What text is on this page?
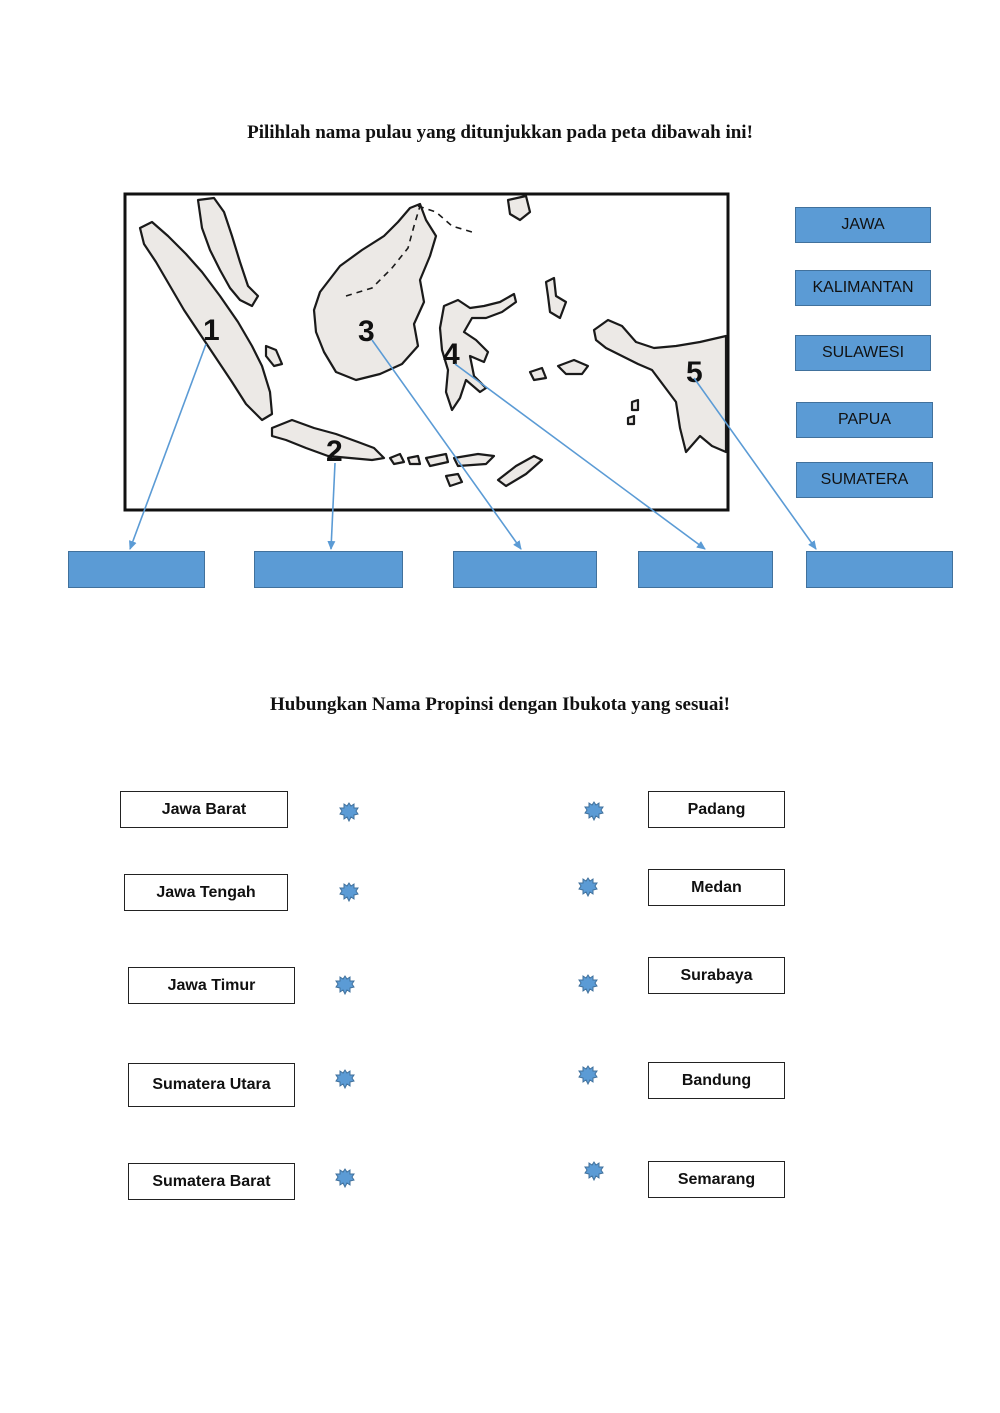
Pilihlah nama pulau yang ditunjukkan pada peta dibawah ini!
1
2
3
4
5
JAWA
KALIMANTAN
SULAWESI
PAPUA
SUMATERA
Hubungkan Nama Propinsi dengan Ibukota yang sesuai!
Jawa Barat
Jawa Tengah
Jawa Timur
Sumatera Utara
Sumatera Barat
Padang
Medan
Surabaya
Bandung
Semarang
